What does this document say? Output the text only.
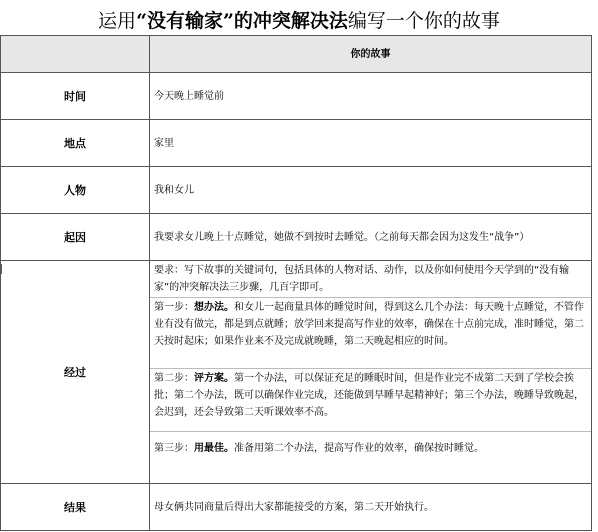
运用“没有输家”的冲突解决法编写一个你的故事
	你的故事
时间	今天晚上睡觉前
地点	家里
人物	我和女儿
起因	我要求女儿晚上十点睡觉，她做不到按时去睡觉。（之前每天都会因为这发生“战争”）
经过	要求：写下故事的关键词句，包括具体的人物对话、动作，以及你如何使用今天学到的“没有输家”的冲突解决法三步骤，几百字即可。
第一步：想办法。和女儿一起商量具体的睡觉时间，得到这么几个办法：每天晚十点睡觉，不管作业有没有做完，都是到点就睡；放学回来提高写作业的效率，确保在十点前完成，准时睡觉，第二天按时起床；如果作业来不及完成就晚睡，第二天晚起相应的时间。
第二步：评方案。第一个办法，可以保证充足的睡眠时间，但是作业完不成第二天到了学校会挨批；第二个办法，既可以确保作业完成，还能做到早睡早起精神好；第三个办法，晚睡导致晚起，会迟到，还会导致第二天听课效率不高。
第三步：用最佳。准备用第二个办法，提高写作业的效率，确保按时睡觉。

结果	母女俩共同商量后得出大家都能接受的方案，第二天开始执行。
